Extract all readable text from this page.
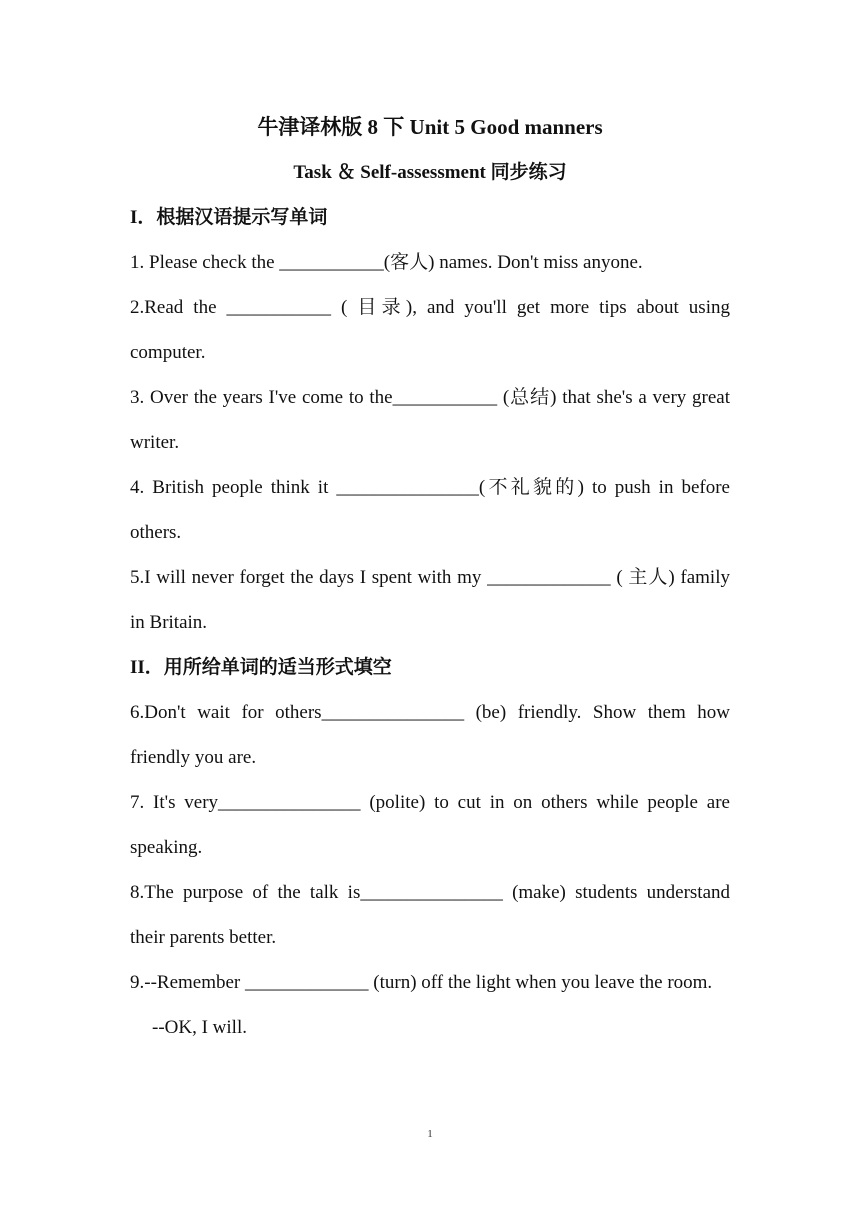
牛津译林版 8 下 Unit 5 Good manners
Task ＆ Self-assessment 同步练习
I．根据汉语提示写单词
1. Please check the ___________(客人) names. Don't miss anyone.
2.Read the ___________ ( 目录), and you'll get more tips about using computer.
3. Over the years I've come to the___________ (总结) that she's a very great writer.
4. British people think it _______________(不礼貌的) to push in before others.
5.I will never forget the days I spent with my _____________ ( 主人) family in Britain.
II．用所给单词的适当形式填空
6.Don't wait for others_______________ (be) friendly. Show them how friendly you are.
7. It's very_______________ (polite) to cut in on others while people are speaking.
8.The purpose of the talk is_______________ (make) students understand their parents better.
9.--Remember _____________ (turn) off the light when you leave the room.
--OK, I will.
1
